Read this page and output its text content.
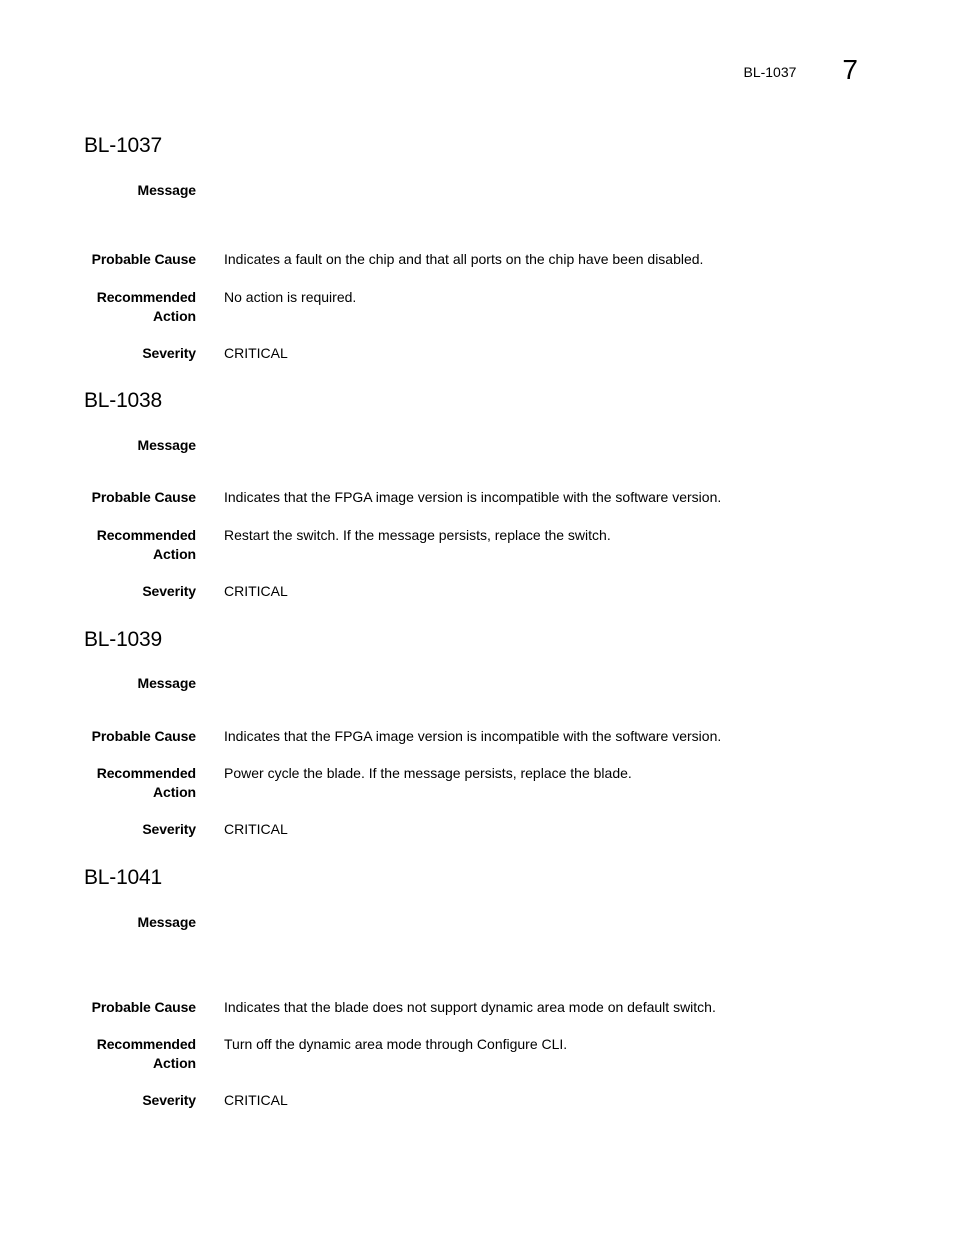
BL-1037 7
BL-1037
Message
Probable Cause Indicates a fault on the chip and that all ports on the chip have been disabled.
Recommended
Action
No action is required.
Severity CRITICAL
BL-1038
Message
Probable Cause Indicates that the FPGA image version is incompatible with the software version.
Recommended
Action
Restart the switch. If the message persists, replace the switch.
Severity CRITICAL
BL-1039
Message
Probable Cause Indicates that the FPGA image version is incompatible with the software version.
Recommended
Action
Power cycle the blade. If the message persists, replace the blade.
Severity CRITICAL
BL-1041
Message
Probable Cause Indicates that the blade does not support dynamic area mode on default switch.
Recommended
Action
Turn off the dynamic area mode through Configure CLI.
Severity CRITICAL
